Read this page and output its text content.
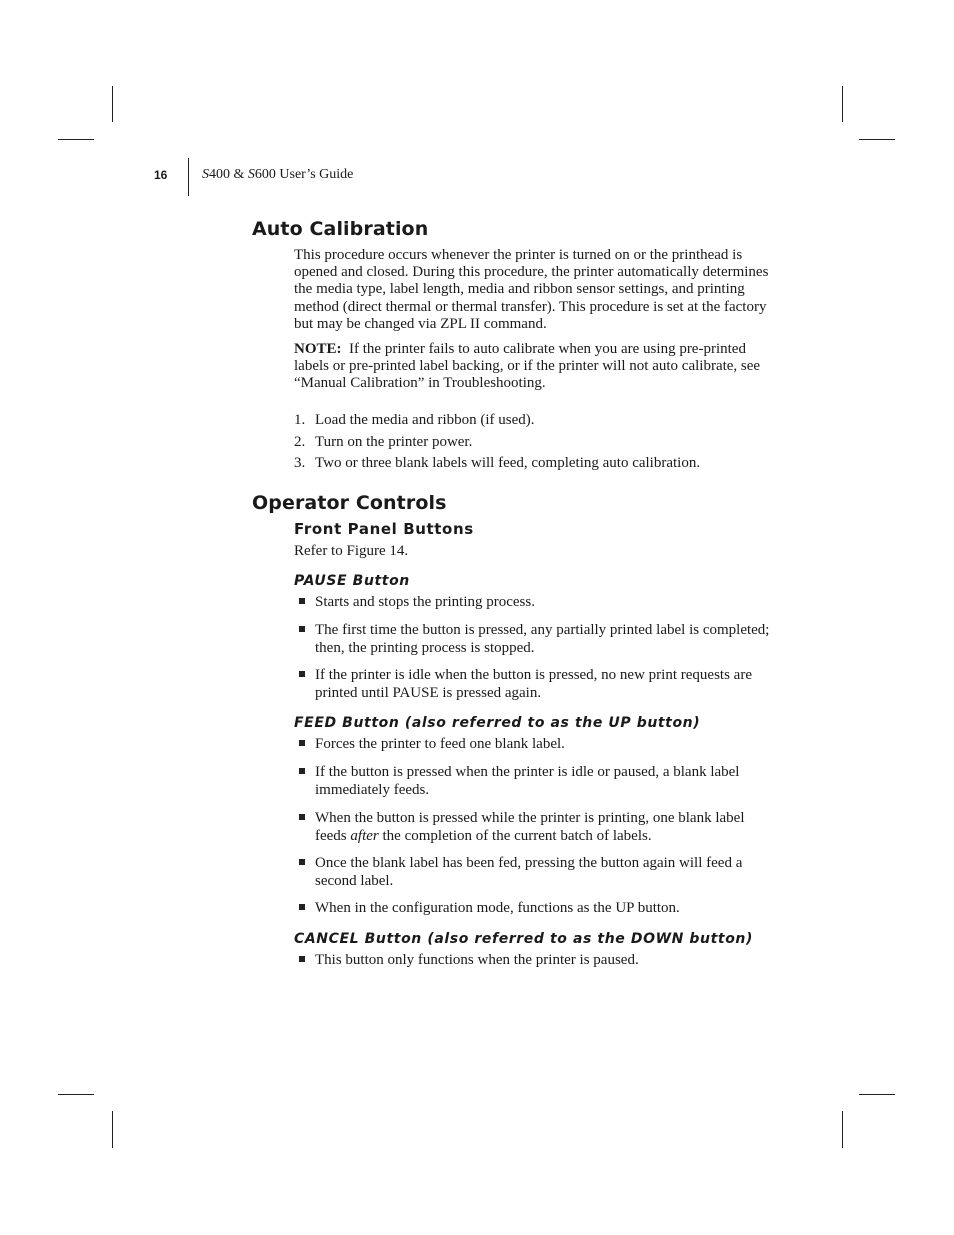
16 S400 & S600 User’s Guide
Auto Calibration

This procedure occurs whenever the printer is turned on or the printhead is opened and closed. During this procedure, the printer automatically determines the media type, label length, media and ribbon sensor settings, and printing method (direct thermal or thermal transfer). This procedure is set at the factory but may be changed via ZPL II command.

NOTE: If the printer fails to auto calibrate when you are using pre-printed labels or pre-printed label backing, or if the printer will not auto calibrate, see “Manual Calibration” in Troubleshooting.

1. Load the media and ribbon (if used).
2. Turn on the printer power.
3. Two or three blank labels will feed, completing auto calibration.
Operator Controls
Front Panel Buttons

Refer to Figure 14.

PAUSE Button
Starts and stops the printing process.
The first time the button is pressed, any partially printed label is completed; then, the printing process is stopped.
If the printer is idle when the button is pressed, no new print requests are printed until PAUSE is pressed again.
FEED Button (also referred to as the UP button)
Forces the printer to feed one blank label.
If the button is pressed when the printer is idle or paused, a blank label immediately feeds.
When the button is pressed while the printer is printing, one blank label feeds after the completion of the current batch of labels.
Once the blank label has been fed, pressing the button again will feed a second label.
When in the configuration mode, functions as the UP button.
CANCEL Button (also referred to as the DOWN button)
This button only functions when the printer is paused.
